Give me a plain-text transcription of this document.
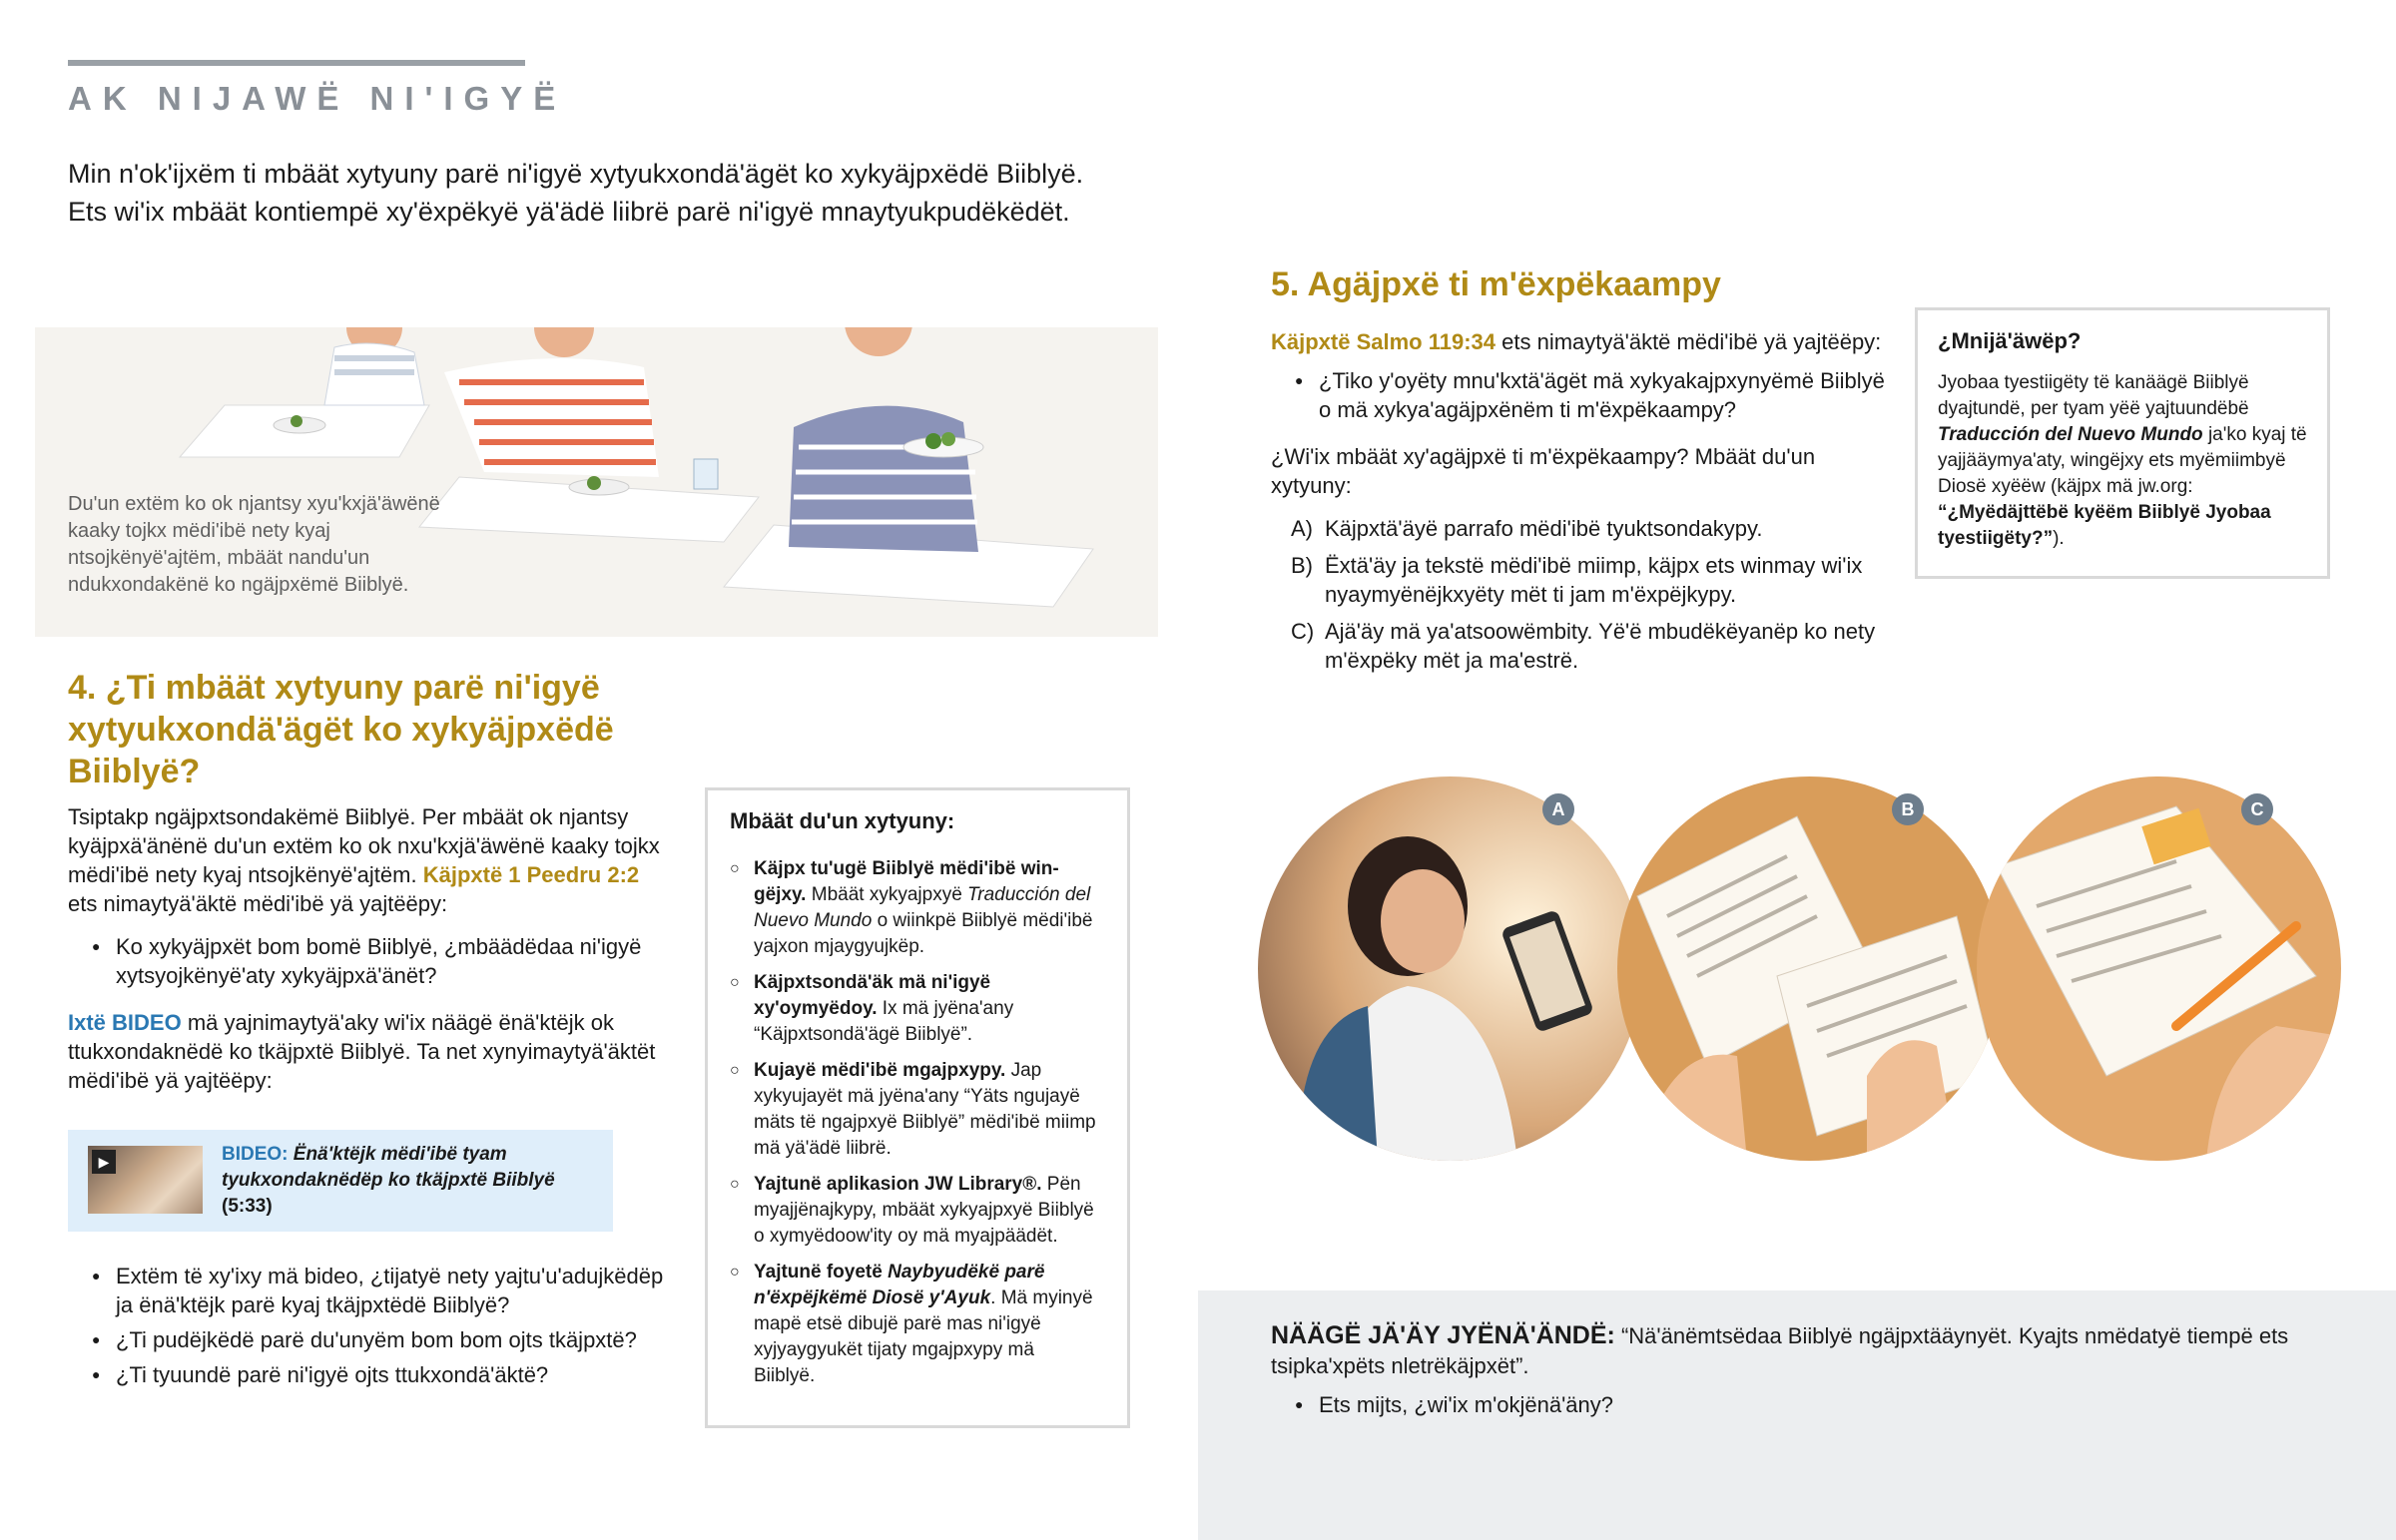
AK NIJAWË NI'IGYË
Min n'ok'ijxëm ti mbäät xytyuny parë ni'igyë xytyukxondä'ägët ko xykyäjpxëdë Biiblyë.
Ets wi'ix mbäät kontiempë xy'ëxpëkyë yä'ädë liibrë parë ni'igyë mnaytyukpudëkëdët.
Du'un extëm ko ok njantsy xyu'kxjä'äwënë kaaky tojkx mëdi'ibë nety kyaj ntsojkënyë'ajtëm, mbäät nandu'un ndukxondakënë ko ngäjpxëmë Biiblyë.
4. ¿Ti mbäät xytyuny parë ni'igyë xytyukxondä'ägët ko xykyäjpxëdë Biiblyë?
Tsiptakp ngäjpxtsondakëmë Biiblyë. Per mbäät ok njantsy kyäjpxä'änënë du'un extëm ko ok nxu'kxjä'äwënë kaaky tojkx mëdi'ibë nety kyaj ntsojkënyë'ajtëm. Käjpxtë 1 Peedru 2:2 ets nimaytyä'äktë mëdi'ibë yä yajtëëpy:
● Ko xykyäjpxët bom bomë Biiblyë, ¿mbäädëdaa ni'igyë xytsyojkënyë'aty xykyäjpxä'änët?
Ixtë BIDEO mä yajnimaytyä'aky wi'ix näägë ënä'ktëjk ok ttukxondaknëdë ko tkäjpxtë Biiblyë. Ta net xynyimaytyä'äktët mëdi'ibë yä yajtëëpy:
▶	BIDEO: Ënä'ktëjk mëdi'ibë tyam tyukxondaknëdëp ko tkäjpxtë Biiblyë
(5:33)
● Extëm të xy'ixy mä bideo, ¿tijatyë nety yajtu'u'adujkëdëp ja ënä'ktëjk parë kyaj tkäjpxtëdë Biiblyë?
● ¿Ti pudëjkëdë parë du'unyëm bom bom ojts tkäjpxtë?
● ¿Ti tyuundë parë ni'igyë ojts ttukxondä'äktë?
Mbäät du'un xytyuny:
○ Käjpx tu'ugë Biiblyë mëdi'ibë wingëjxy. Mbäät xykyajpxyë Traducción del Nuevo Mundo o wiinkpë Biiblyë mëdi'ibë yajxon mjaygyujkëp.
○ Käjpxtsondä'äk mä ni'igyë xy'oymyëdoy. Ix mä jyëna'any “Käjpxtsondä'ägë Biiblyë”.
○ Kujayë mëdi'ibë mgajpxypy. Jap xykyujayët mä jyëna'any “Yäts ngujayë mäts të ngajpxyë Biiblyë” mëdi'ibë miimp mä yä'ädë liibrë.
○ Yajtunë aplikasion JW Library®. Pën myajjënajkypy, mbäät xykyajpxyë Biiblyë o xymyëdoow'ity oy mä myajpäädët.
○ Yajtunë foyetë Naybyudëkë parë n'ëxpëjkëmë Diosë y'Ayuk. Mä myinyë mapë etsë dibujë parë mas ni'igyë xyjyaygyukët tijaty mgajpxypy mä Biiblyë.
5. Agäjpxë ti m'ëxpëkaampy
Käjpxtë Salmo 119:34 ets nimaytyä'äktë mëdi'ibë yä yajtëëpy:
● ¿Tiko y'oyëty mnu'kxtä'ägët mä xykyakajpxynyëmë Biiblyë o mä xykya'agäjpxënëm ti m'ëxpëkaampy?
¿Wi'ix mbäät xy'agäjpxë ti m'ëxpëkaampy? Mbäät du'un xytyuny:
A) Käjpxtä'äyë parrafo mëdi'ibë tyuktsondakypy.
B) Ëxtä'äy ja tekstë mëdi'ibë miimp, käjpx ets winmay wi'ix nyaymyënëjkxyëty mët ti jam m'ëxpëjkypy.
C) Ajä'äy mä ya'atsoowëmbity. Yë'ë mbudëkëyanëp ko nety m'ëxpëky mët ja ma'estrë.
¿Mnijä'äwëp?
Jyobaa tyestiigëty të kanäägë Biiblyë dyajtundë, per tyam yëë yajtuundëbë Traducción del Nuevo Mundo ja'ko kyaj të yajjääymya'aty, wingëjxy ets myëmiimbyë Diosë xyëëw (käjpx mä jw.org: “¿Myëdäjttëbë kyëëm Biiblyë Jyobaa tyestiigëty?”).
A	B	C
NÄÄGË JÄ'ÄY JYËNÄ'ÄNDË: “Nä'änëmtsëdaa Biiblyë ngäjpxtääynyët. Kyajts nmëdatyë tiempë ets tsipka'xpëts nletrëkäjpxët”.
● Ets mijts, ¿wi'ix m'okjënä'äny?
